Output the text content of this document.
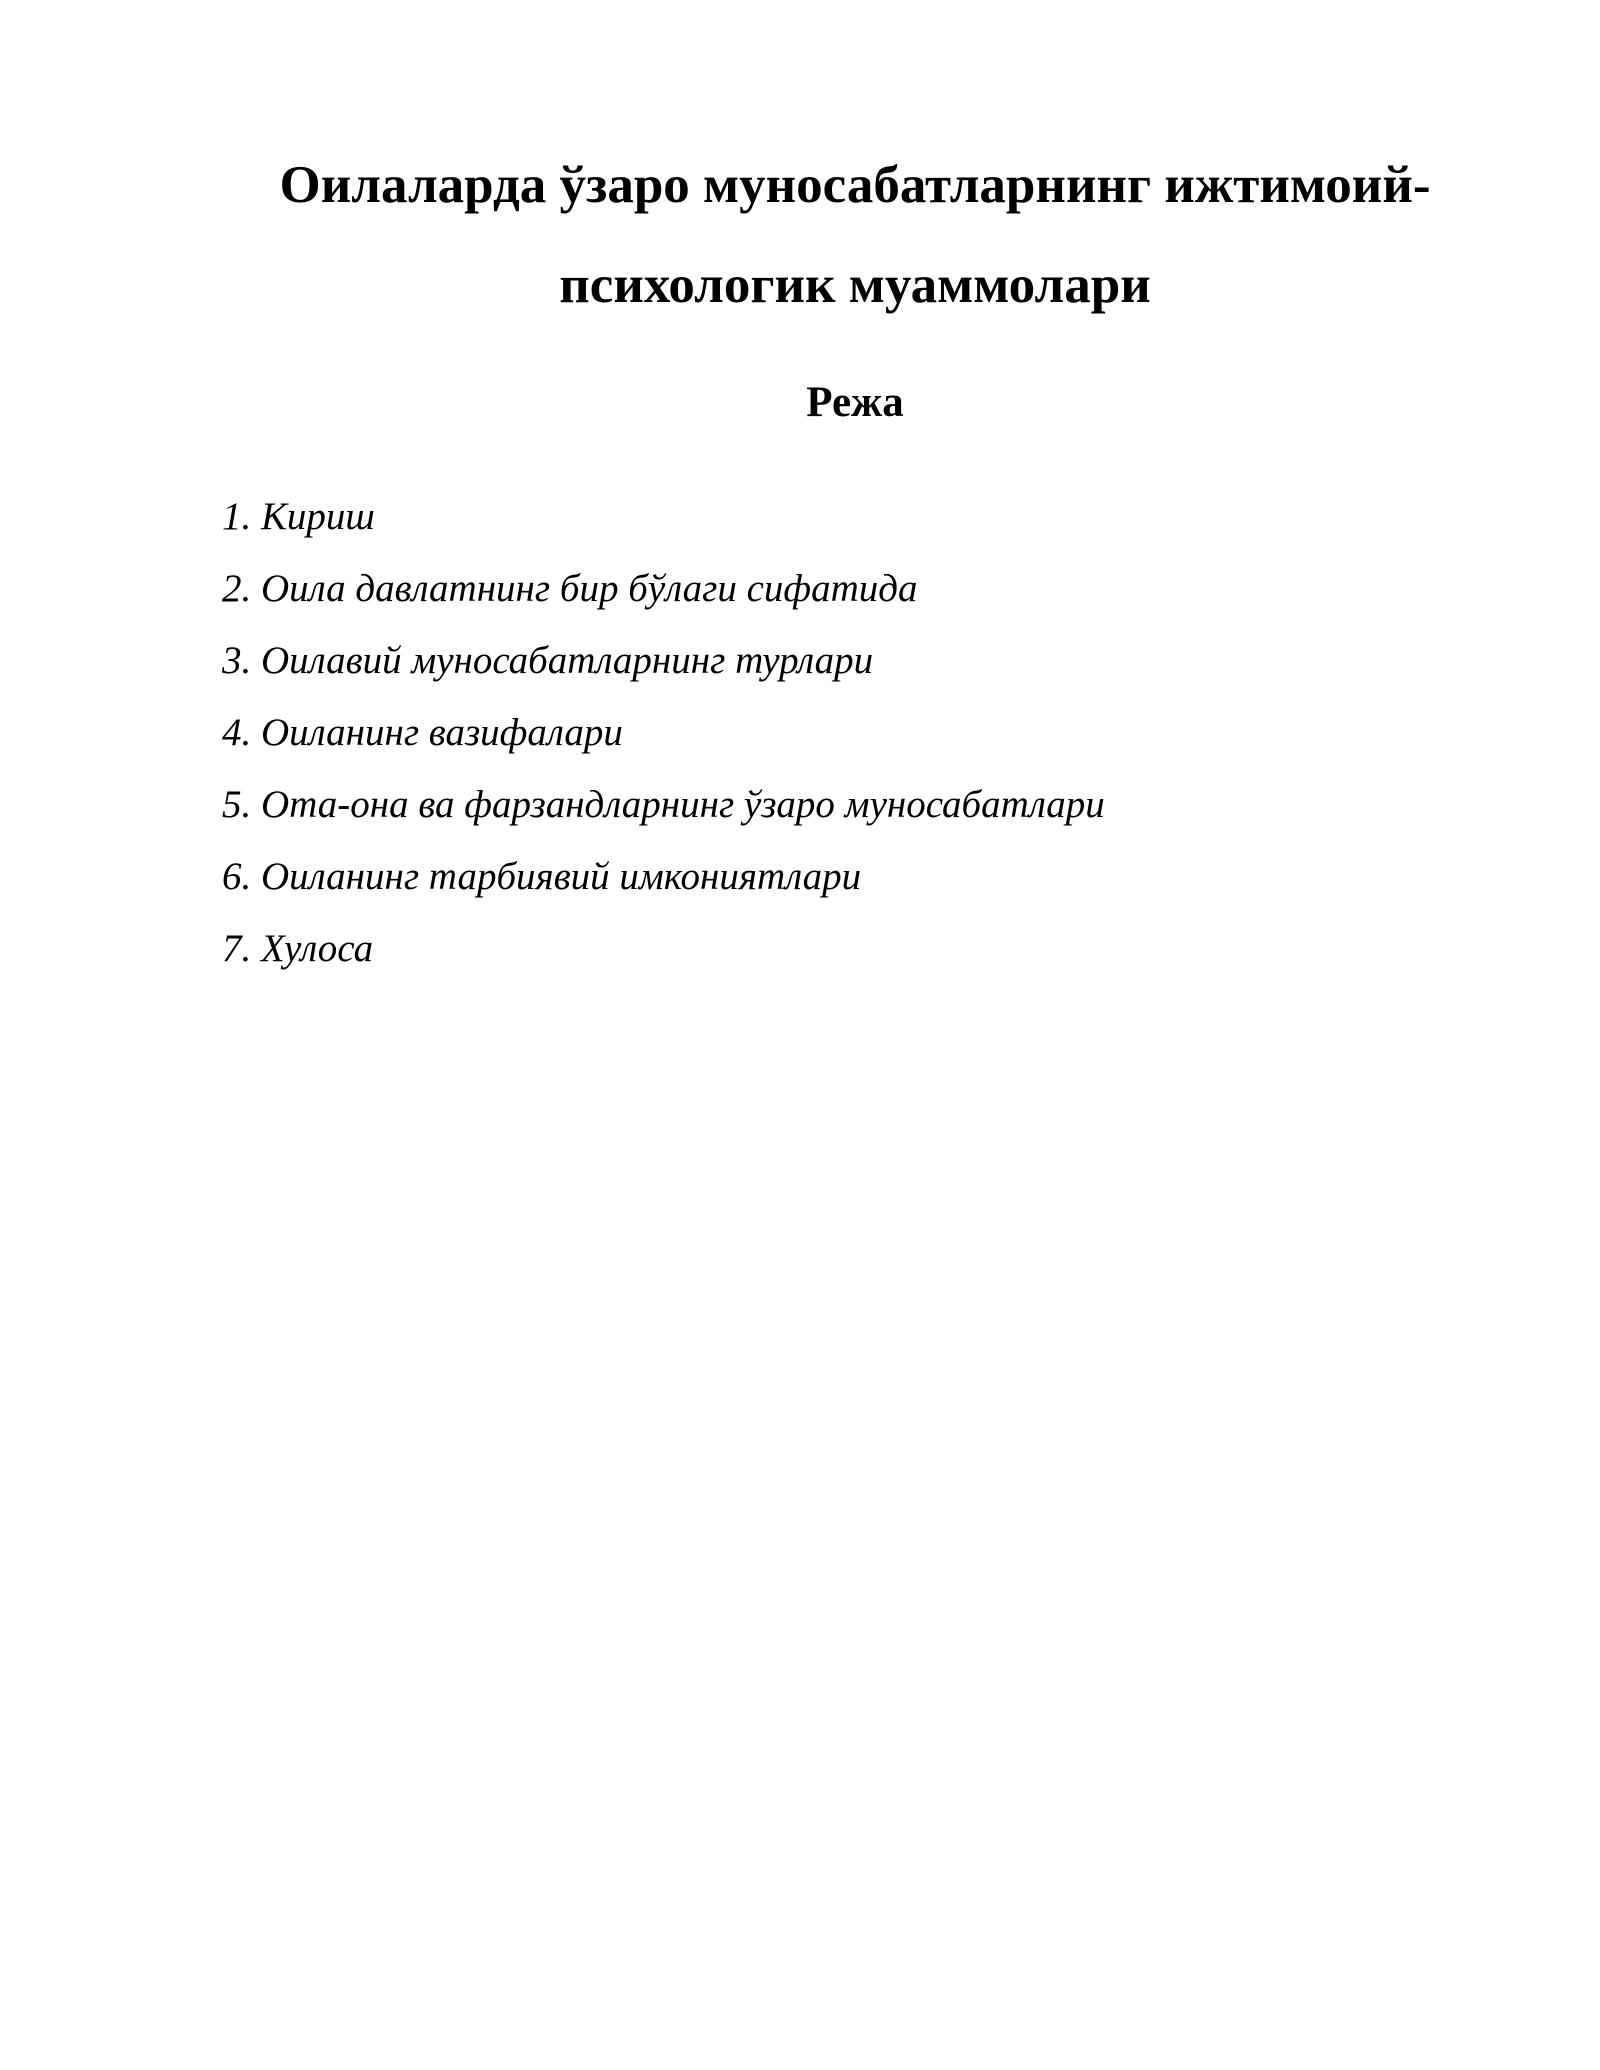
Оилаларда ўзаро муносабатларнинг ижтимоий-
психологик муаммолари
Режа
1. Кириш
2. Оила давлатнинг бир бўлаги сифатида
3. Оилавий муносабатларнинг турлари
4. Оиланинг вазифалари
5. Ота-она ва фарзандларнинг ўзаро муносабатлари
6. Оиланинг тарбиявий имкониятлари
7. Хулоса
